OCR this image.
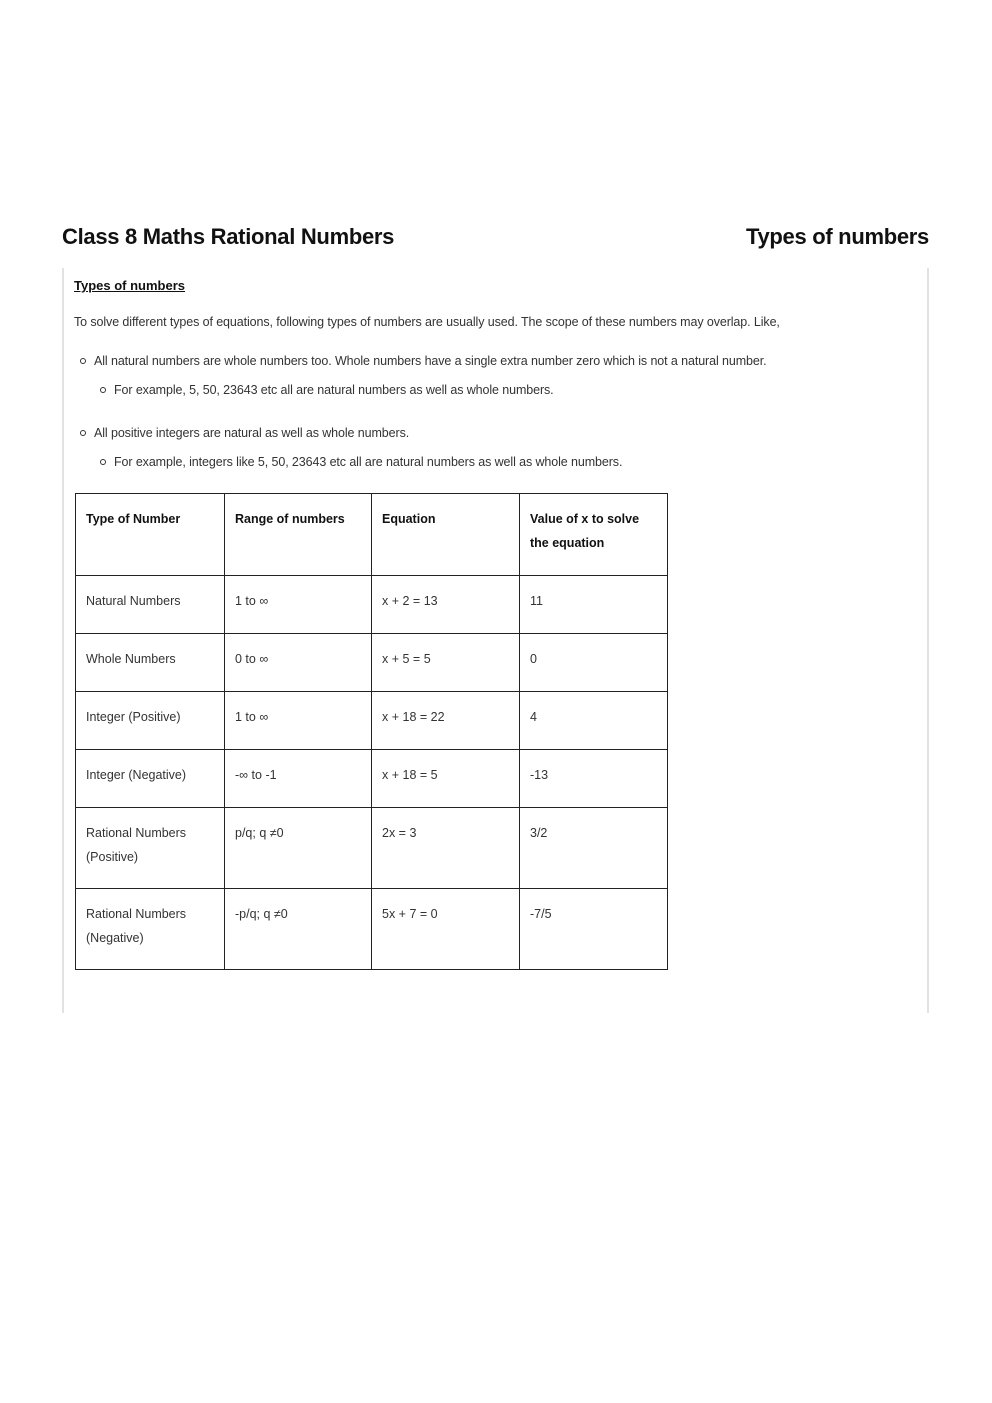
Class 8 Maths Rational Numbers	Types of numbers

Types of numbers

To solve different types of equations, following types of numbers are usually used. The scope of these numbers may overlap. Like,

All natural numbers are whole numbers too. Whole numbers have a single extra number zero which is not a natural number.
For example, 5, 50, 23643 etc all are natural numbers as well as whole numbers.
All positive integers are natural as well as whole numbers.
For example, integers like 5, 50, 23643 etc all are natural numbers as well as whole numbers.
Type of Number	Range of numbers	Equation	Value of x to solve the equation
Natural Numbers	1 to ∞	x + 2 = 13	11
Whole Numbers	0 to ∞	x + 5 = 5	0
Integer (Positive)	1 to ∞	x + 18 = 22	4
Integer (Negative)	-∞ to -1	x + 18 = 5	-13
Rational Numbers (Positive)	p/q; q ≠0	2x = 3	3/2
Rational Numbers (Negative)	-p/q; q ≠0	5x + 7 = 0	-7/5
